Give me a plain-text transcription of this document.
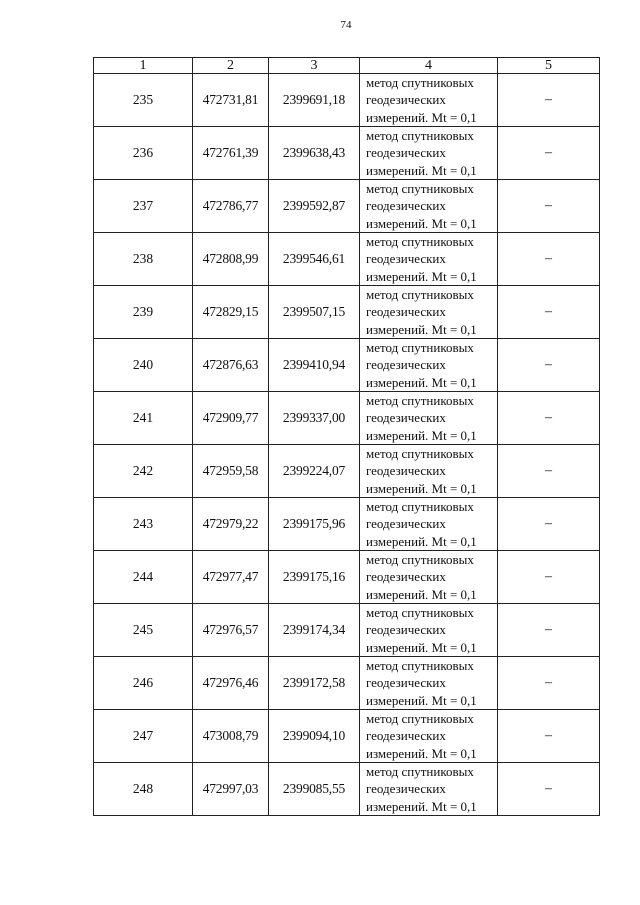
74
1	2	3	4	5
235	472731,81	2399691,18	метод спутниковых
геодезических
измерений. Mt = 0,1	–
236	472761,39	2399638,43	метод спутниковых
геодезических
измерений. Mt = 0,1	–
237	472786,77	2399592,87	метод спутниковых
геодезических
измерений. Mt = 0,1	–
238	472808,99	2399546,61	метод спутниковых
геодезических
измерений. Mt = 0,1	–
239	472829,15	2399507,15	метод спутниковых
геодезических
измерений. Mt = 0,1	–
240	472876,63	2399410,94	метод спутниковых
геодезических
измерений. Mt = 0,1	–
241	472909,77	2399337,00	метод спутниковых
геодезических
измерений. Mt = 0,1	–
242	472959,58	2399224,07	метод спутниковых
геодезических
измерений. Mt = 0,1	–
243	472979,22	2399175,96	метод спутниковых
геодезических
измерений. Mt = 0,1	–
244	472977,47	2399175,16	метод спутниковых
геодезических
измерений. Mt = 0,1	–
245	472976,57	2399174,34	метод спутниковых
геодезических
измерений. Mt = 0,1	–
246	472976,46	2399172,58	метод спутниковых
геодезических
измерений. Mt = 0,1	–
247	473008,79	2399094,10	метод спутниковых
геодезических
измерений. Mt = 0,1	–
248	472997,03	2399085,55	метод спутниковых
геодезических
измерений. Mt = 0,1	–
